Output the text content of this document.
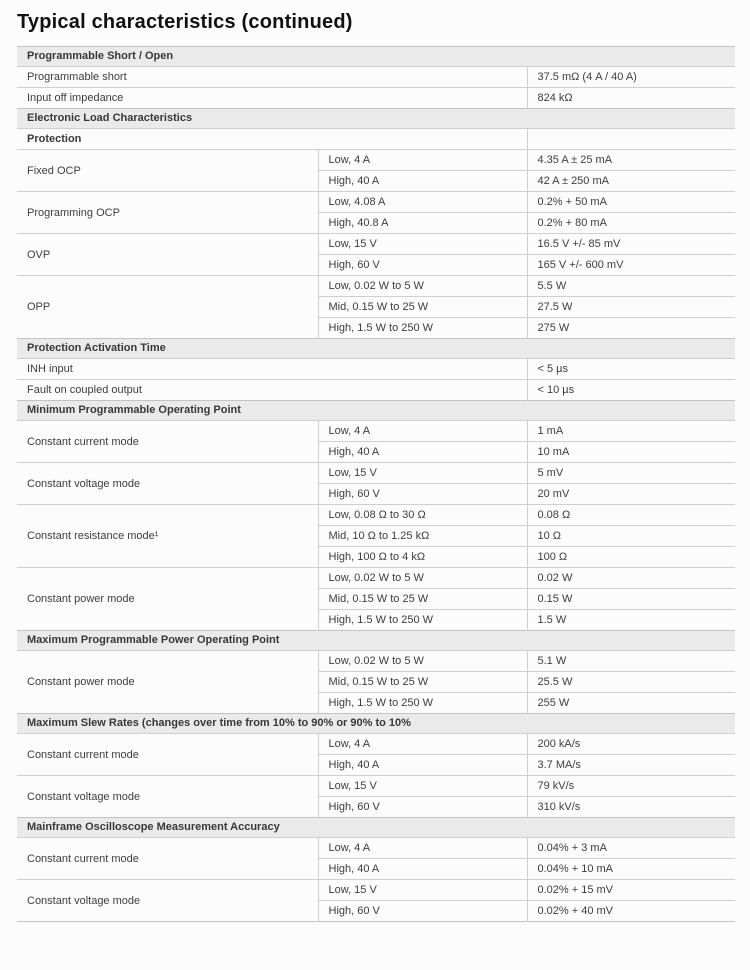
Typical characteristics (continued)
Programmable Short / Open		
Programmable short		37.5 mΩ (4 A / 40 A)
Input off impedance		824 kΩ
Electronic Load Characteristics		
Protection		
Fixed OCP	Low, 4 A	4.35 A ± 25 mA
	High, 40 A	42 A ± 250 mA
Programming OCP	Low, 4.08 A	0.2% + 50 mA
	High, 40.8 A	0.2% + 80 mA
OVP	Low, 15 V	16.5 V +/- 85 mV
	High, 60 V	165 V +/- 600 mV
OPP	Low, 0.02 W to 5 W	5.5 W
	Mid, 0.15 W to 25 W	27.5 W
	High, 1.5 W to 250 W	275 W
Protection Activation Time		
INH input		< 5 µs
Fault on coupled output		< 10 µs
Minimum Programmable Operating Point		
Constant current mode	Low, 4 A	1 mA
	High, 40 A	10 mA
Constant voltage mode	Low, 15 V	5 mV
	High, 60 V	20 mV
Constant resistance mode¹	Low, 0.08 Ω to 30 Ω	0.08 Ω
	Mid, 10 Ω to 1.25 kΩ	10 Ω
	High, 100 Ω to 4 kΩ	100 Ω
Constant power mode	Low, 0.02 W to 5 W	0.02 W
	Mid, 0.15 W to 25 W	0.15 W
	High, 1.5 W to 250 W	1.5 W
Maximum Programmable Power Operating Point		
Constant power mode	Low, 0.02 W to 5 W	5.1 W
	Mid, 0.15 W to 25 W	25.5 W
	High, 1.5 W to 250 W	255 W
Maximum Slew Rates (changes over time from 10% to 90% or 90% to 10%		
Constant current mode	Low, 4 A	200 kA/s
	High, 40 A	3.7 MA/s
Constant voltage mode	Low, 15 V	79 kV/s
	High, 60 V	310 kV/s
Mainframe Oscilloscope Measurement Accuracy		
Constant current mode	Low, 4 A	0.04% + 3 mA
	High, 40 A	0.04% + 10 mA
Constant voltage mode	Low, 15 V	0.02% + 15 mV
	High, 60 V	0.02% + 40 mV
